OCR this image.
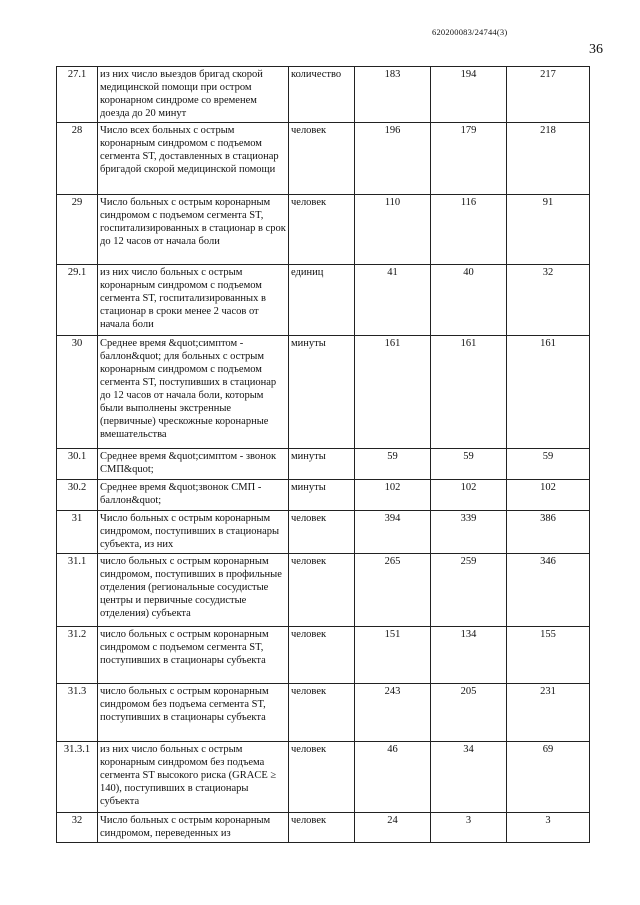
620200083/24744(3)
36
27.1	из них число выездов бригад скорой медицинской помощи при остром коронарном синдроме со временем доезда до 20 минут	количество	183	194	217
28	Число всех больных с острым коронарным синдромом с подъемом сегмента ST, доставленных в стационар бригадой скорой медицинской помощи	человек	196	179	218
29	Число больных с острым коронарным синдромом с подъемом сегмента ST, госпитализированных в стационар в срок до 12 часов от начала боли	человек	110	116	91
29.1	из них число больных с острым коронарным синдромом с подъемом сегмента ST, госпитализированных в стационар в сроки менее 2 часов от начала боли	единиц	41	40	32
30	Среднее время &quot;симптом - баллон&quot; для больных с острым коронарным синдромом с подъемом сегмента ST, поступивших в стационар до 12 часов от начала боли, которым были выполнены экстренные (первичные) чрескожные коронарные вмешательства	минуты	161	161	161
30.1	Среднее время &quot;симптом - звонок СМП&quot;	минуты	59	59	59
30.2	Среднее время &quot;звонок СМП - баллон&quot;	минуты	102	102	102
31	Число больных с острым коронарным синдромом, поступивших в стационары субъекта, из них	человек	394	339	386
31.1	число больных с острым коронарным синдромом, поступивших в профильные отделения (региональные сосудистые центры и первичные сосудистые отделения) субъекта	человек	265	259	346
31.2	число больных с острым коронарным синдромом с подъемом сегмента ST, поступивших в стационары субъекта	человек	151	134	155
31.3	число больных с острым коронарным синдромом без подъема сегмента ST, поступивших в стационары субъекта	человек	243	205	231
31.3.1	из них число больных с острым коронарным синдромом без подъема сегмента ST высокого риска (GRACE ≥ 140), поступивших в стационары субъекта	человек	46	34	69
32	Число больных с острым коронарным синдромом, переведенных из	человек	24	3	3
